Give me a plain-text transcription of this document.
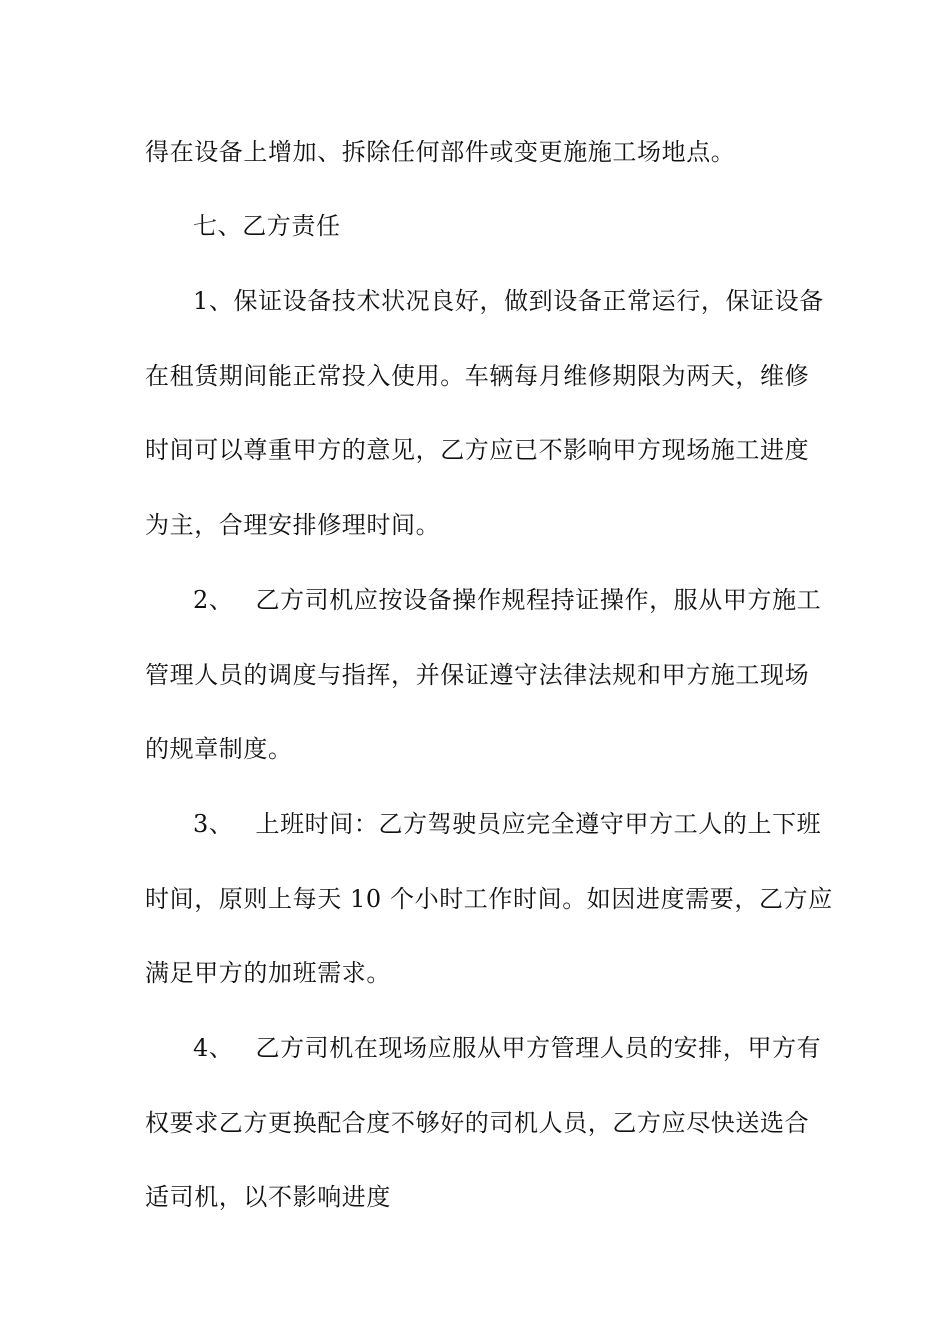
得在设备上增加、拆除任何部件或变更施施工场地点。
七、乙方责任
1、保证设备技术状况良好，做到设备正常运行，保证设备
在租赁期间能正常投入使用。车辆每月维修期限为两天，维修
时间可以尊重甲方的意见，乙方应已不影响甲方现场施工进度
为主，合理安排修理时间。
2、 乙方司机应按设备操作规程持证操作，服从甲方施工
管理人员的调度与指挥，并保证遵守法律法规和甲方施工现场
的规章制度。
3、 上班时间：乙方驾驶员应完全遵守甲方工人的上下班
时间，原则上每天 10 个小时工作时间。如因进度需要，乙方应
满足甲方的加班需求。
4、 乙方司机在现场应服从甲方管理人员的安排，甲方有
权要求乙方更换配合度不够好的司机人员，乙方应尽快送选合
适司机，以不影响进度
